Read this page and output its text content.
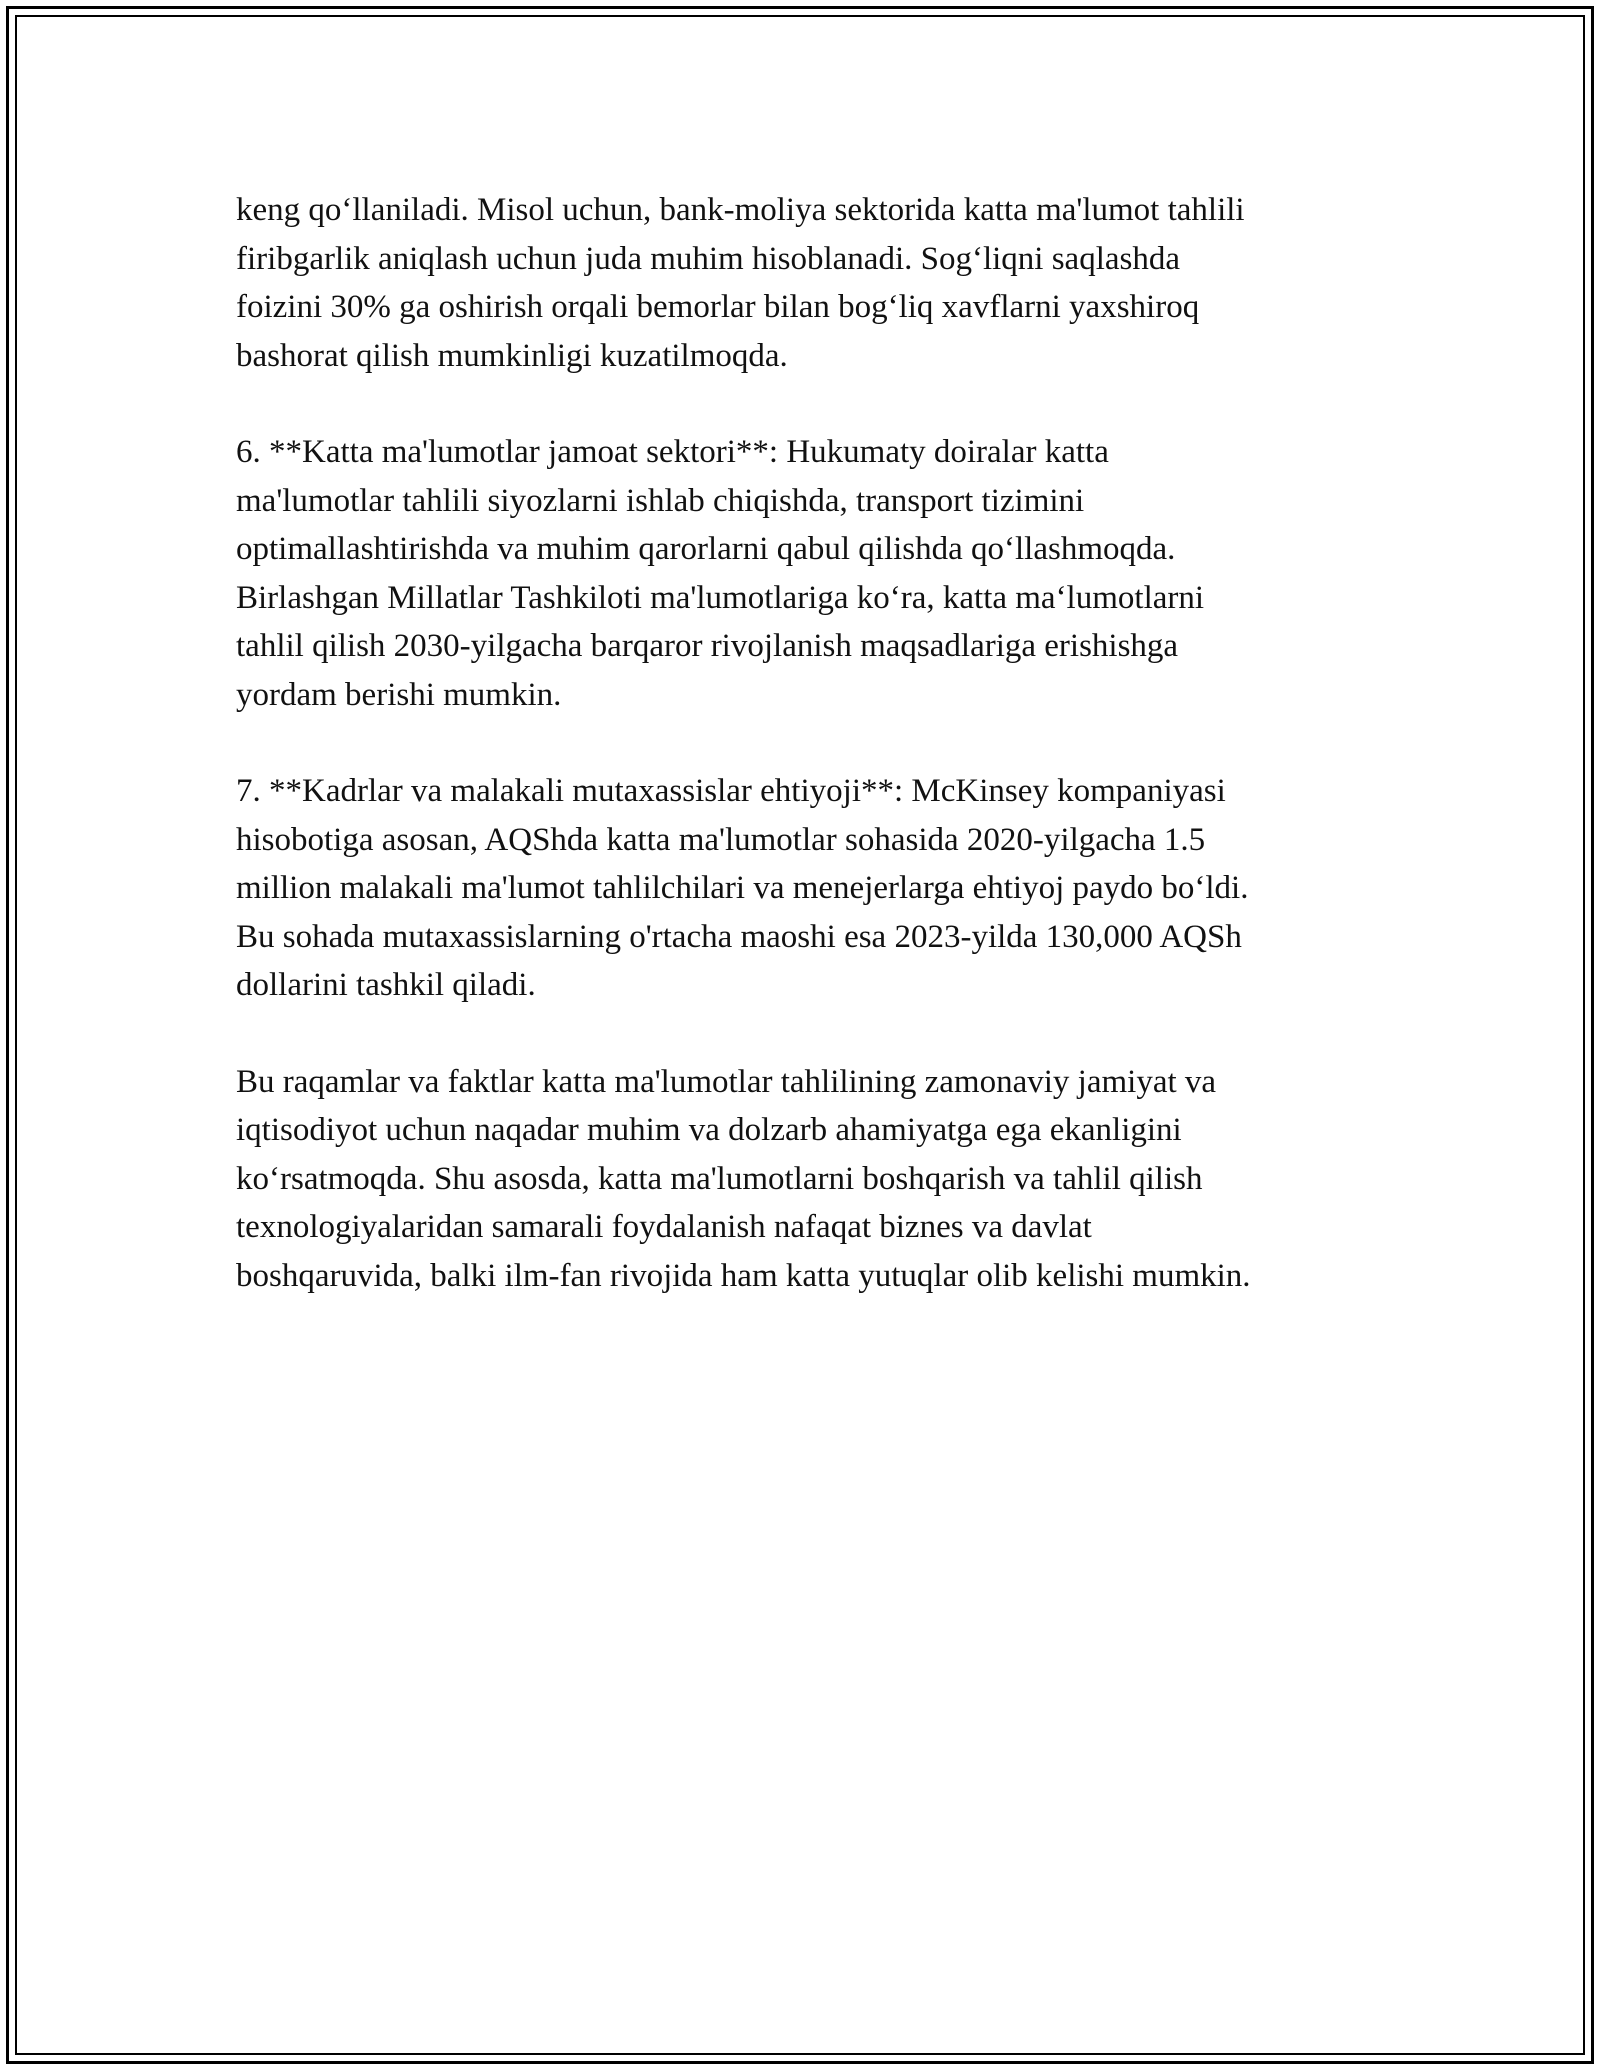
keng qo‘llaniladi. Misol uchun, bank-moliya sektorida katta ma'lumot tahlili
firibgarlik aniqlash uchun juda muhim hisoblanadi. Sog‘liqni saqlashda
foizini 30% ga oshirish orqali bemorlar bilan bog‘liq xavflarni yaxshiroq
bashorat qilish mumkinligi kuzatilmoqda.

6. **Katta ma'lumotlar jamoat sektori**: Hukumaty doiralar katta
ma'lumotlar tahlili siyozlarni ishlab chiqishda, transport tizimini
optimallashtirishda va muhim qarorlarni qabul qilishda qo‘llashmoqda.
Birlashgan Millatlar Tashkiloti ma'lumotlariga ko‘ra, katta ma‘lumotlarni
tahlil qilish 2030-yilgacha barqaror rivojlanish maqsadlariga erishishga
yordam berishi mumkin.

7. **Kadrlar va malakali mutaxassislar ehtiyoji**: McKinsey kompaniyasi
hisobotiga asosan, AQShda katta ma'lumotlar sohasida 2020-yilgacha 1.5
million malakali ma'lumot tahlilchilari va menejerlarga ehtiyoj paydo bo‘ldi.
Bu sohada mutaxassislarning o'rtacha maoshi esa 2023-yilda 130,000 AQSh
dollarini tashkil qiladi.

Bu raqamlar va faktlar katta ma'lumotlar tahlilining zamonaviy jamiyat va
iqtisodiyot uchun naqadar muhim va dolzarb ahamiyatga ega ekanligini
ko‘rsatmoqda. Shu asosda, katta ma'lumotlarni boshqarish va tahlil qilish
texnologiyalaridan samarali foydalanish nafaqat biznes va davlat
boshqaruvida, balki ilm-fan rivojida ham katta yutuqlar olib kelishi mumkin.
